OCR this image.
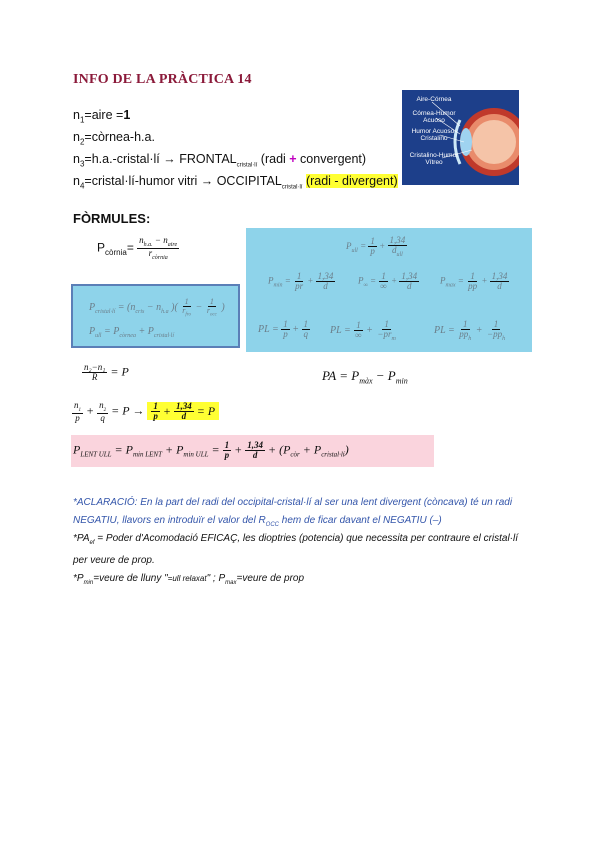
INFO DE LA PRÀCTICA 14
$n_1=aire =1$
$n_2=còrnea-h.a$.
$n_3=h.a.-cristal\cdot lí$ → $FRONTAL_{cristal\cdot lí}$ (radi + convergent)
$n_4=cristal\cdot lí$-humor vitri → $OCCIPITAL_{cristal\cdot lí}$ (radi - divergent)
Aire-Córnea
Córnea-Humor Acuoso
Humor Acuoso-Cristalino
Cristalino-Humor Vítreo
FÒRMULES:
$P_{còrnia}= \frac{n_{h.a.} - n_{aire}}{r_{còrnia}}$
$P_{cristal\cdot lí} = (n_{cris} - n_{h.a}$ )( $\frac{1}{r_{fro}} - \frac{1}{r_{occ}}$ )
$P_{ull} = P_{còrnea} + P_{cristal\cdot lí}$
$P_{ull} = \frac{1}{p} + \frac{1,34}{d_{ull}}$
$P_{min} = \frac{1}{pr} + \frac{1,34}{d}$	$P_\infty = \frac{1}{\infty} + \frac{1,34}{d} P_{max} = \frac{1}{pp} + \frac{1,34}{d}$
PL = $\frac{1}{p} + \frac{1}{q}$ PL = $\frac{1}{\infty} + \frac{1}{-pr_m}$	PL = $\frac{1}{pp_h} + \frac{1}{-pp_h}$
$\frac{\text{n₂−n₁}}{R} = P$	PA = $P_{màx} - P_{min}$
$\frac{n_1}{p} + \frac{n_2}{q} = P \to \frac{1}{p} + \frac{1,34}{d} = P$
$P_{LENT ULL} = P_{min LENT} + P_{min ULL} = \frac{1}{p} + \frac{1,34}{d} + (P_{còr} + P_{cristal\cdot lí})$
*ACLARACIÓ: En la part del radi del occipital-cristal·lí al ser una lent divergent (còncava) té un radi NEGATIU, llavors en introduïr el valor del $R_{OCC}$ hem de ficar davant el NEGATIU (–)
$*PA_{ef}$ = Poder d'Acomodació EFICAÇ, les dioptries (potencia) que necessita per contraure el cristal·lí per veure de prop.
$*P_{min}=veure$ de lluny "=ull relaxat" ; $P_{max}=veure$ de prop
